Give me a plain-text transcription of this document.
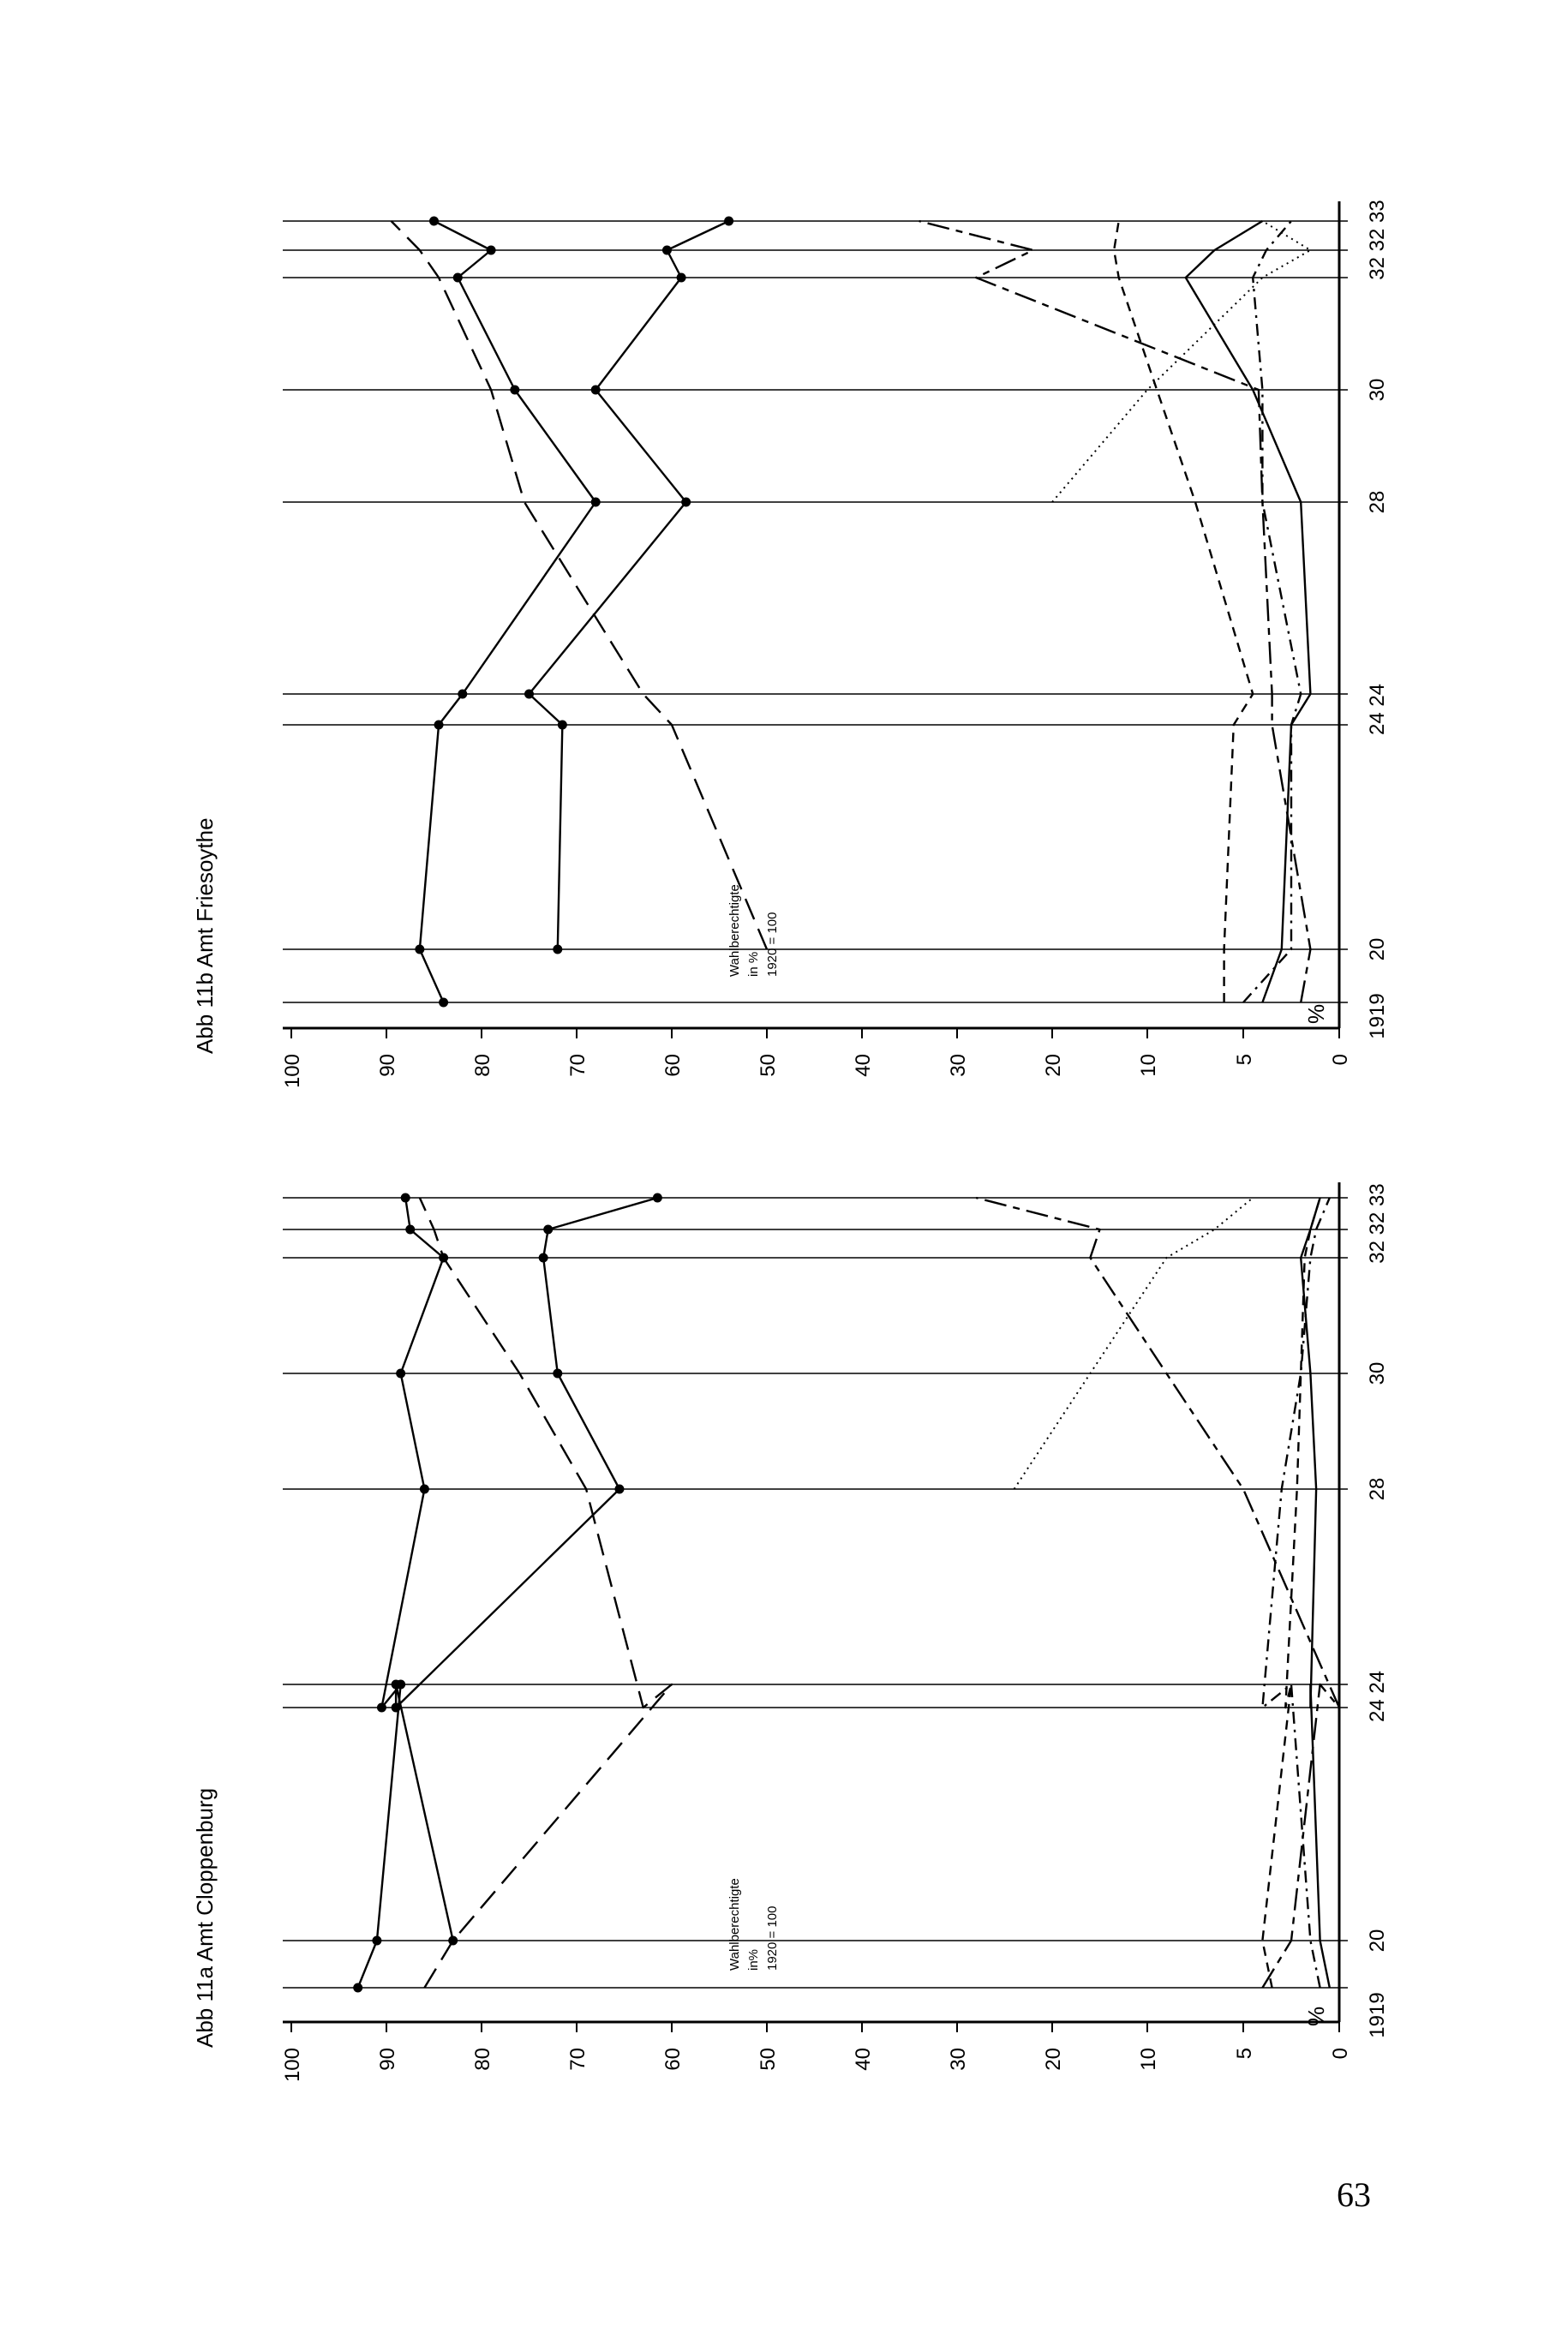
100	90	80	70	60	50	40	30	20	10	5	0
% 1919
20
24 24
28
30
32 32 33
Abb 11a Amt Cloppenburg	Wahlberechtigte in% 1920 = 100
100	90	80	70	60	50	40	30	20	10	5	0
% 1919
20
24 24
28
30
32 32 33
Abb 11b Amt Friesoythe	Wahlberechtigte in % 1920 = 100
63
